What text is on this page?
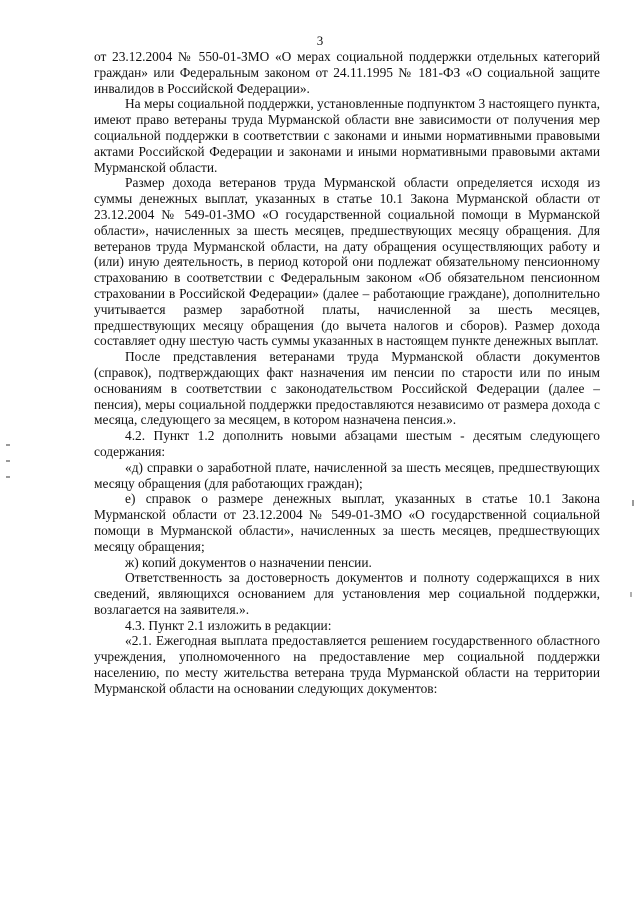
3

от 23.12.2004 № 550-01-ЗМО «О мерах социальной поддержки отдельных категорий граждан» или Федеральным законом от 24.11.1995 № 181-ФЗ «О социальной защите инвалидов в Российской Федерации».

На меры социальной поддержки, установленные подпунктом 3 настоящего пункта, имеют право ветераны труда Мурманской области вне зависимости от получения мер социальной поддержки в соответствии с законами и иными нормативными правовыми актами Российской Федерации и законами и иными нормативными правовыми актами Мурманской области.

Размер дохода ветеранов труда Мурманской области определяется исходя из суммы денежных выплат, указанных в статье 10.1 Закона Мурманской области от 23.12.2004 № 549-01-ЗМО «О государственной социальной помощи в Мурманской области», начисленных за шесть месяцев, предшествующих месяцу обращения. Для ветеранов труда Мурманской области, на дату обращения осуществляющих работу и (или) иную деятельность, в период которой они подлежат обязательному пенсионному страхованию в соответствии с Федеральным законом «Об обязательном пенсионном страховании в Российской Федерации» (далее – работающие граждане), дополнительно учитывается размер заработной платы, начисленной за шесть месяцев, предшествующих месяцу обращения (до вычета налогов и сборов). Размер дохода составляет одну шестую часть суммы указанных в настоящем пункте денежных выплат.

После представления ветеранами труда Мурманской области документов (справок), подтверждающих факт назначения им пенсии по старости или по иным основаниям в соответствии с законодательством Российской Федерации (далее – пенсия), меры социальной поддержки предоставляются независимо от размера дохода с месяца, следующего за месяцем, в котором назначена пенсия.».

4.2. Пункт 1.2 дополнить новыми абзацами шестым - десятым следующего содержания:

«д) справки о заработной плате, начисленной за шесть месяцев, предшествующих месяцу обращения (для работающих граждан);

е) справок о размере денежных выплат, указанных в статье 10.1 Закона Мурманской области от 23.12.2004 № 549-01-ЗМО «О государственной социальной помощи в Мурманской области», начисленных за шесть месяцев, предшествующих месяцу обращения;

ж) копий документов о назначении пенсии.

Ответственность за достоверность документов и полноту содержащихся в них сведений, являющихся основанием для установления мер социальной поддержки, возлагается на заявителя.».

4.3. Пункт 2.1 изложить в редакции:

«2.1. Ежегодная выплата предоставляется решением государственного областного учреждения, уполномоченного на предоставление мер социальной поддержки населению, по месту жительства ветерана труда Мурманской области на территории Мурманской области на основании следующих документов:
